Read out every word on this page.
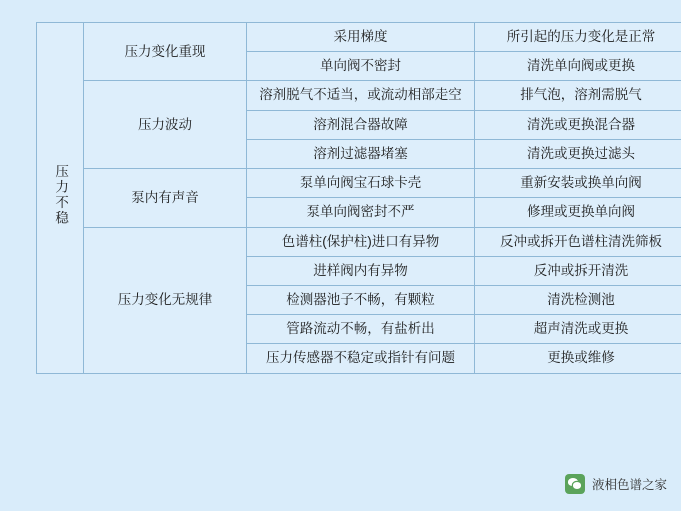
压力不稳	压力变化重现	采用梯度	所引起的压力变化是正常
		单向阀不密封	清洗单向阀或更换
	压力波动	溶剂脱气不适当，或流动相部走空	排气泡，溶剂需脱气
		溶剂混合器故障	清洗或更换混合器
		溶剂过滤器堵塞	清洗或更换过滤头
	泵内有声音	泵单向阀宝石球卡壳	重新安装或换单向阀
		泵单向阀密封不严	修理或更换单向阀
	压力变化无规律	色谱柱(保护柱)进口有异物	反冲或拆开色谱柱清洗筛板
		进样阀内有异物	反冲或拆开清洗
		检测器池子不畅，有颗粒	清洗检测池
		管路流动不畅，有盐析出	超声清洗或更换
		压力传感器不稳定或指针有问题	更换或维修
液相色谱之家
